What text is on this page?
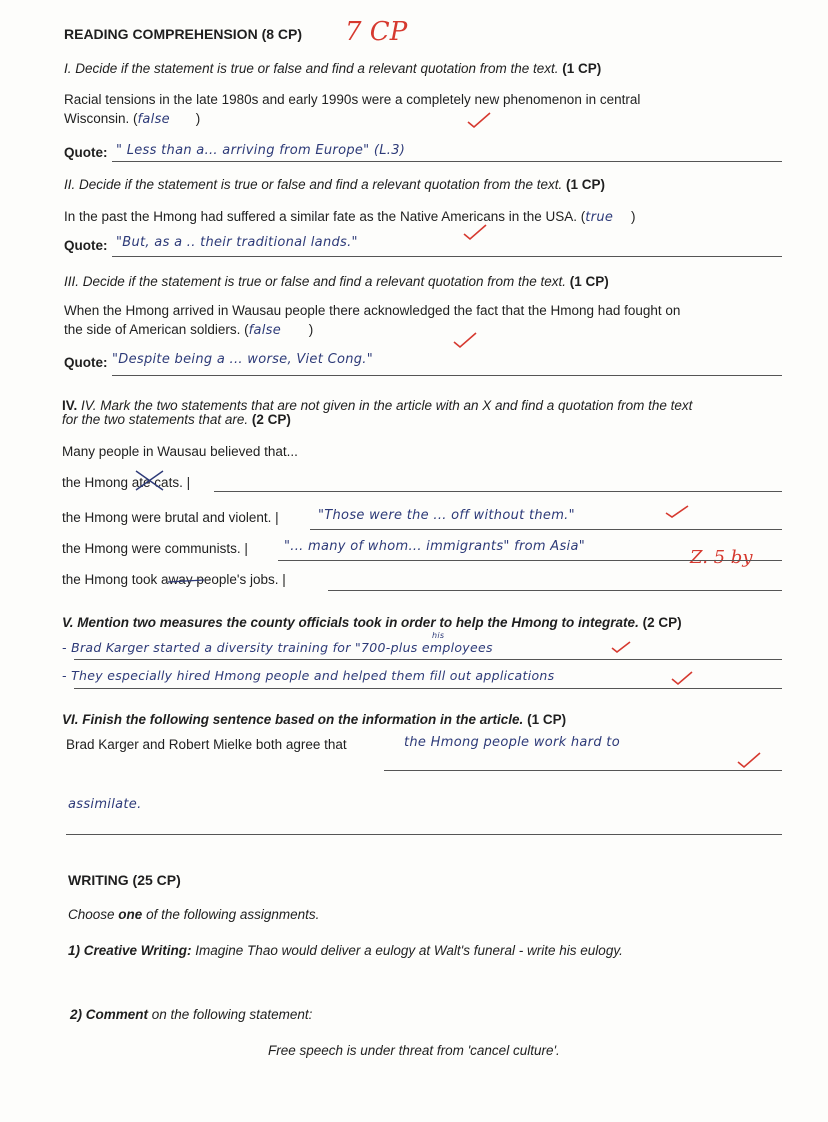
READING COMPREHENSION (8 CP) 7 CP
I. Decide if the statement is true or false and find a relevant quotation from the text. (1 CP)
Racial tensions in the late 1980s and early 1990s were a completely new phenomenon in central
Wisconsin. (false )
Quote: " Less than a... arriving from Europe" (L.3)
II. Decide if the statement is true or false and find a relevant quotation from the text. (1 CP)
In the past the Hmong had suffered a similar fate as the Native Americans in the USA. (true )
Quote: "But, as a .. their traditional lands."
III. Decide if the statement is true or false and find a relevant quotation from the text. (1 CP)
When the Hmong arrived in Wausau people there acknowledged the fact that the Hmong had fought on
the side of American soldiers. (false )
Quote: "Despite being a ... worse, Viet Cong."
IV. IV. Mark the two statements that are not given in the article with an X and find a quotation from the text
for the two statements that are. (2 CP)
Many people in Wausau believed that...
the Hmong ate cats. |
the Hmong were brutal and violent. |	"Those were the ... off without them."
the Hmong were communists. |	"... many of whom... immigrants" from Asia"
Z. 5 by
the Hmong took away people's jobs. |
V. Mention two measures the county officials took in order to help the Hmong to integrate. (2 CP)
his
- Brad Karger started a diversity training for "700-plus employees
- They especially hired Hmong people and helped them fill out applications
VI. Finish the following sentence based on the information in the article. (1 CP)
Brad Karger and Robert Mielke both agree that	the Hmong people work hard to
assimilate.
WRITING (25 CP)
Choose one of the following assignments.
1) Creative Writing: Imagine Thao would deliver a eulogy at Walt's funeral - write his eulogy.
2) Comment on the following statement:
Free speech is under threat from 'cancel culture'.
